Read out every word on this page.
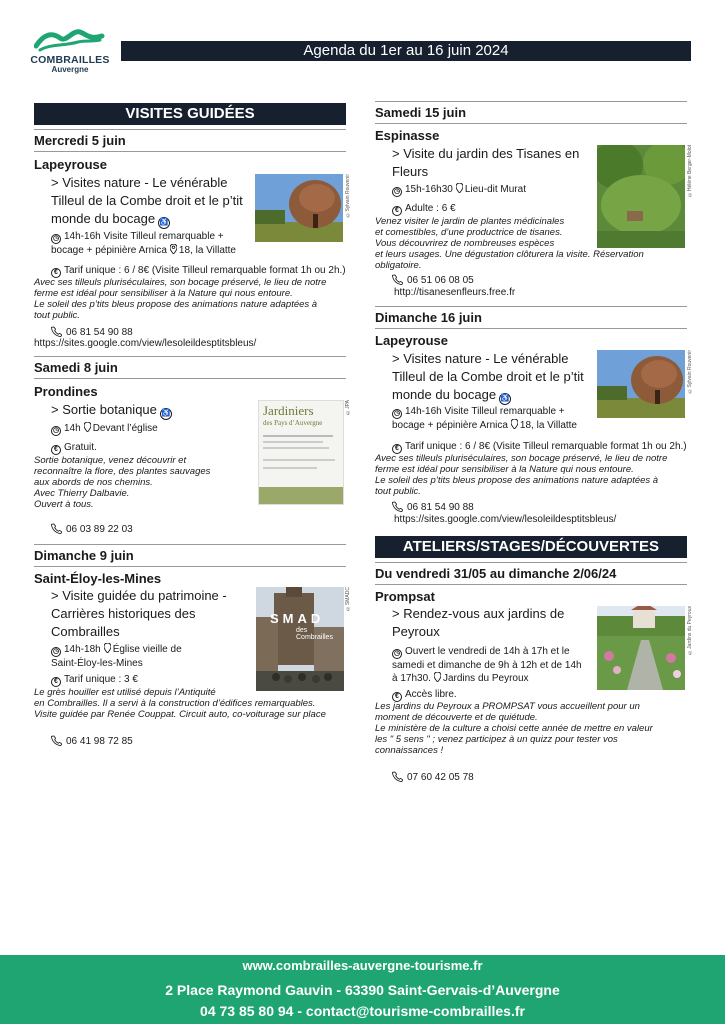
COMBRAILLES
Auvergne
Agenda du 1er au 16 juin 2024
VISITES GUIDÉES
Mercredi 5 juin
Lapeyrouse
> Visites nature - Le vénérable
Tilleul de la Combe droit et le p’tit
monde du bocage ♿
©Sylvain Rouvenir
◷ 14h-16h Visite Tilleul remarquable +
bocage + pépinière Arnica 18, la Villatte
€ Tarif unique : 6 / 8€ (Visite Tilleul remarquable format 1h ou 2h.)
Avec ses tilleuls pluriséculaires, son bocage préservé, le lieu de notre
ferme est idéal pour sensibiliser à la Nature qui nous entoure.
Le soleil des p’tits bleus propose des animations nature adaptées à
tout public.
06 81 54 90 88
https://sites.google.com/view/lesoleildesptitsbleus/
Samedi 8 juin
Prondines
> Sortie botanique ♿	Jardiniers
des Pays d’Auvergne
©JPA
◷ 14h Devant l’église
€ Gratuit.
Sortie botanique, venez découvrir et
reconnaître la flore, des plantes sauvages
aux abords de nos chemins.
Avec Thierry Dalbavie.
Ouvert à tous.
06 03 89 22 03
Dimanche 9 juin
Saint-Éloy-les-Mines
> Visite guidée du patrimoine -
Carrières historiques des
Combrailles
SMAD
des Combrailles
©SMADC
◷ 14h-18h Église vieille de
Saint-Éloy-les-Mines
€ Tarif unique : 3 €
Le grès houiller est utilisé depuis l’Antiquité
en Combrailles. Il a servi à la construction d’édifices remarquables.
Visite guidée par Renée Couppat. Circuit auto, co-voiturage sur place
06 41 98 72 85
Samedi 15 juin
Espinasse
> Visite du jardin des Tisanes en
Fleurs	©Hélène Berger-Molot
◷ 15h-16h30 Lieu-dit Murat
€ Adulte : 6 €
Venez visiter le jardin de plantes médicinales
et comestibles, d’une productrice de tisanes.
Vous découvrirez de nombreuses espèces
et leurs usages. Une dégustation clôturera la visite. Réservation
obligatoire.
06 51 06 08 05
http://tisanesenfleurs.free.fr
Dimanche 16 juin
Lapeyrouse
> Visites nature - Le vénérable
Tilleul de la Combe droit et le p’tit
monde du bocage ♿
©Sylvain Rouvenir
◷ 14h-16h Visite Tilleul remarquable +
bocage + pépinière Arnica 18, la Villatte
€ Tarif unique : 6 / 8€ (Visite Tilleul remarquable format 1h ou 2h.)
Avec ses tilleuls pluriséculaires, son bocage préservé, le lieu de notre
ferme est idéal pour sensibiliser à la Nature qui nous entoure.
Le soleil des p’tits bleus propose des animations nature adaptées à
tout public.
06 81 54 90 88
https://sites.google.com/view/lesoleildesptitsbleus/
ATELIERS/STAGES/DÉCOUVERTES
Du vendredi 31/05 au dimanche 2/06/24
Prompsat
> Rendez-vous aux jardins de
Peyroux	©Jardins du Peyroux
◷ Ouvert le vendredi de 14h à 17h et le
samedi et dimanche de 9h à 12h et de 14h
à 17h30. Jardins du Peyroux
€ Accès libre.
Les jardins du Peyroux a PROMPSAT vous accueillent pour un
moment de découverte et de quiétude.
Le ministère de la culture a choisi cette année de mettre en valeur
les " 5 sens " ; venez participez à un quizz pour tester vos
connaissances !
07 60 42 05 78
www.combrailles-auvergne-tourisme.fr
2 Place Raymond Gauvin - 63390 Saint-Gervais-d’Auvergne
04 73 85 80 94 - contact@tourisme-combrailles.fr
